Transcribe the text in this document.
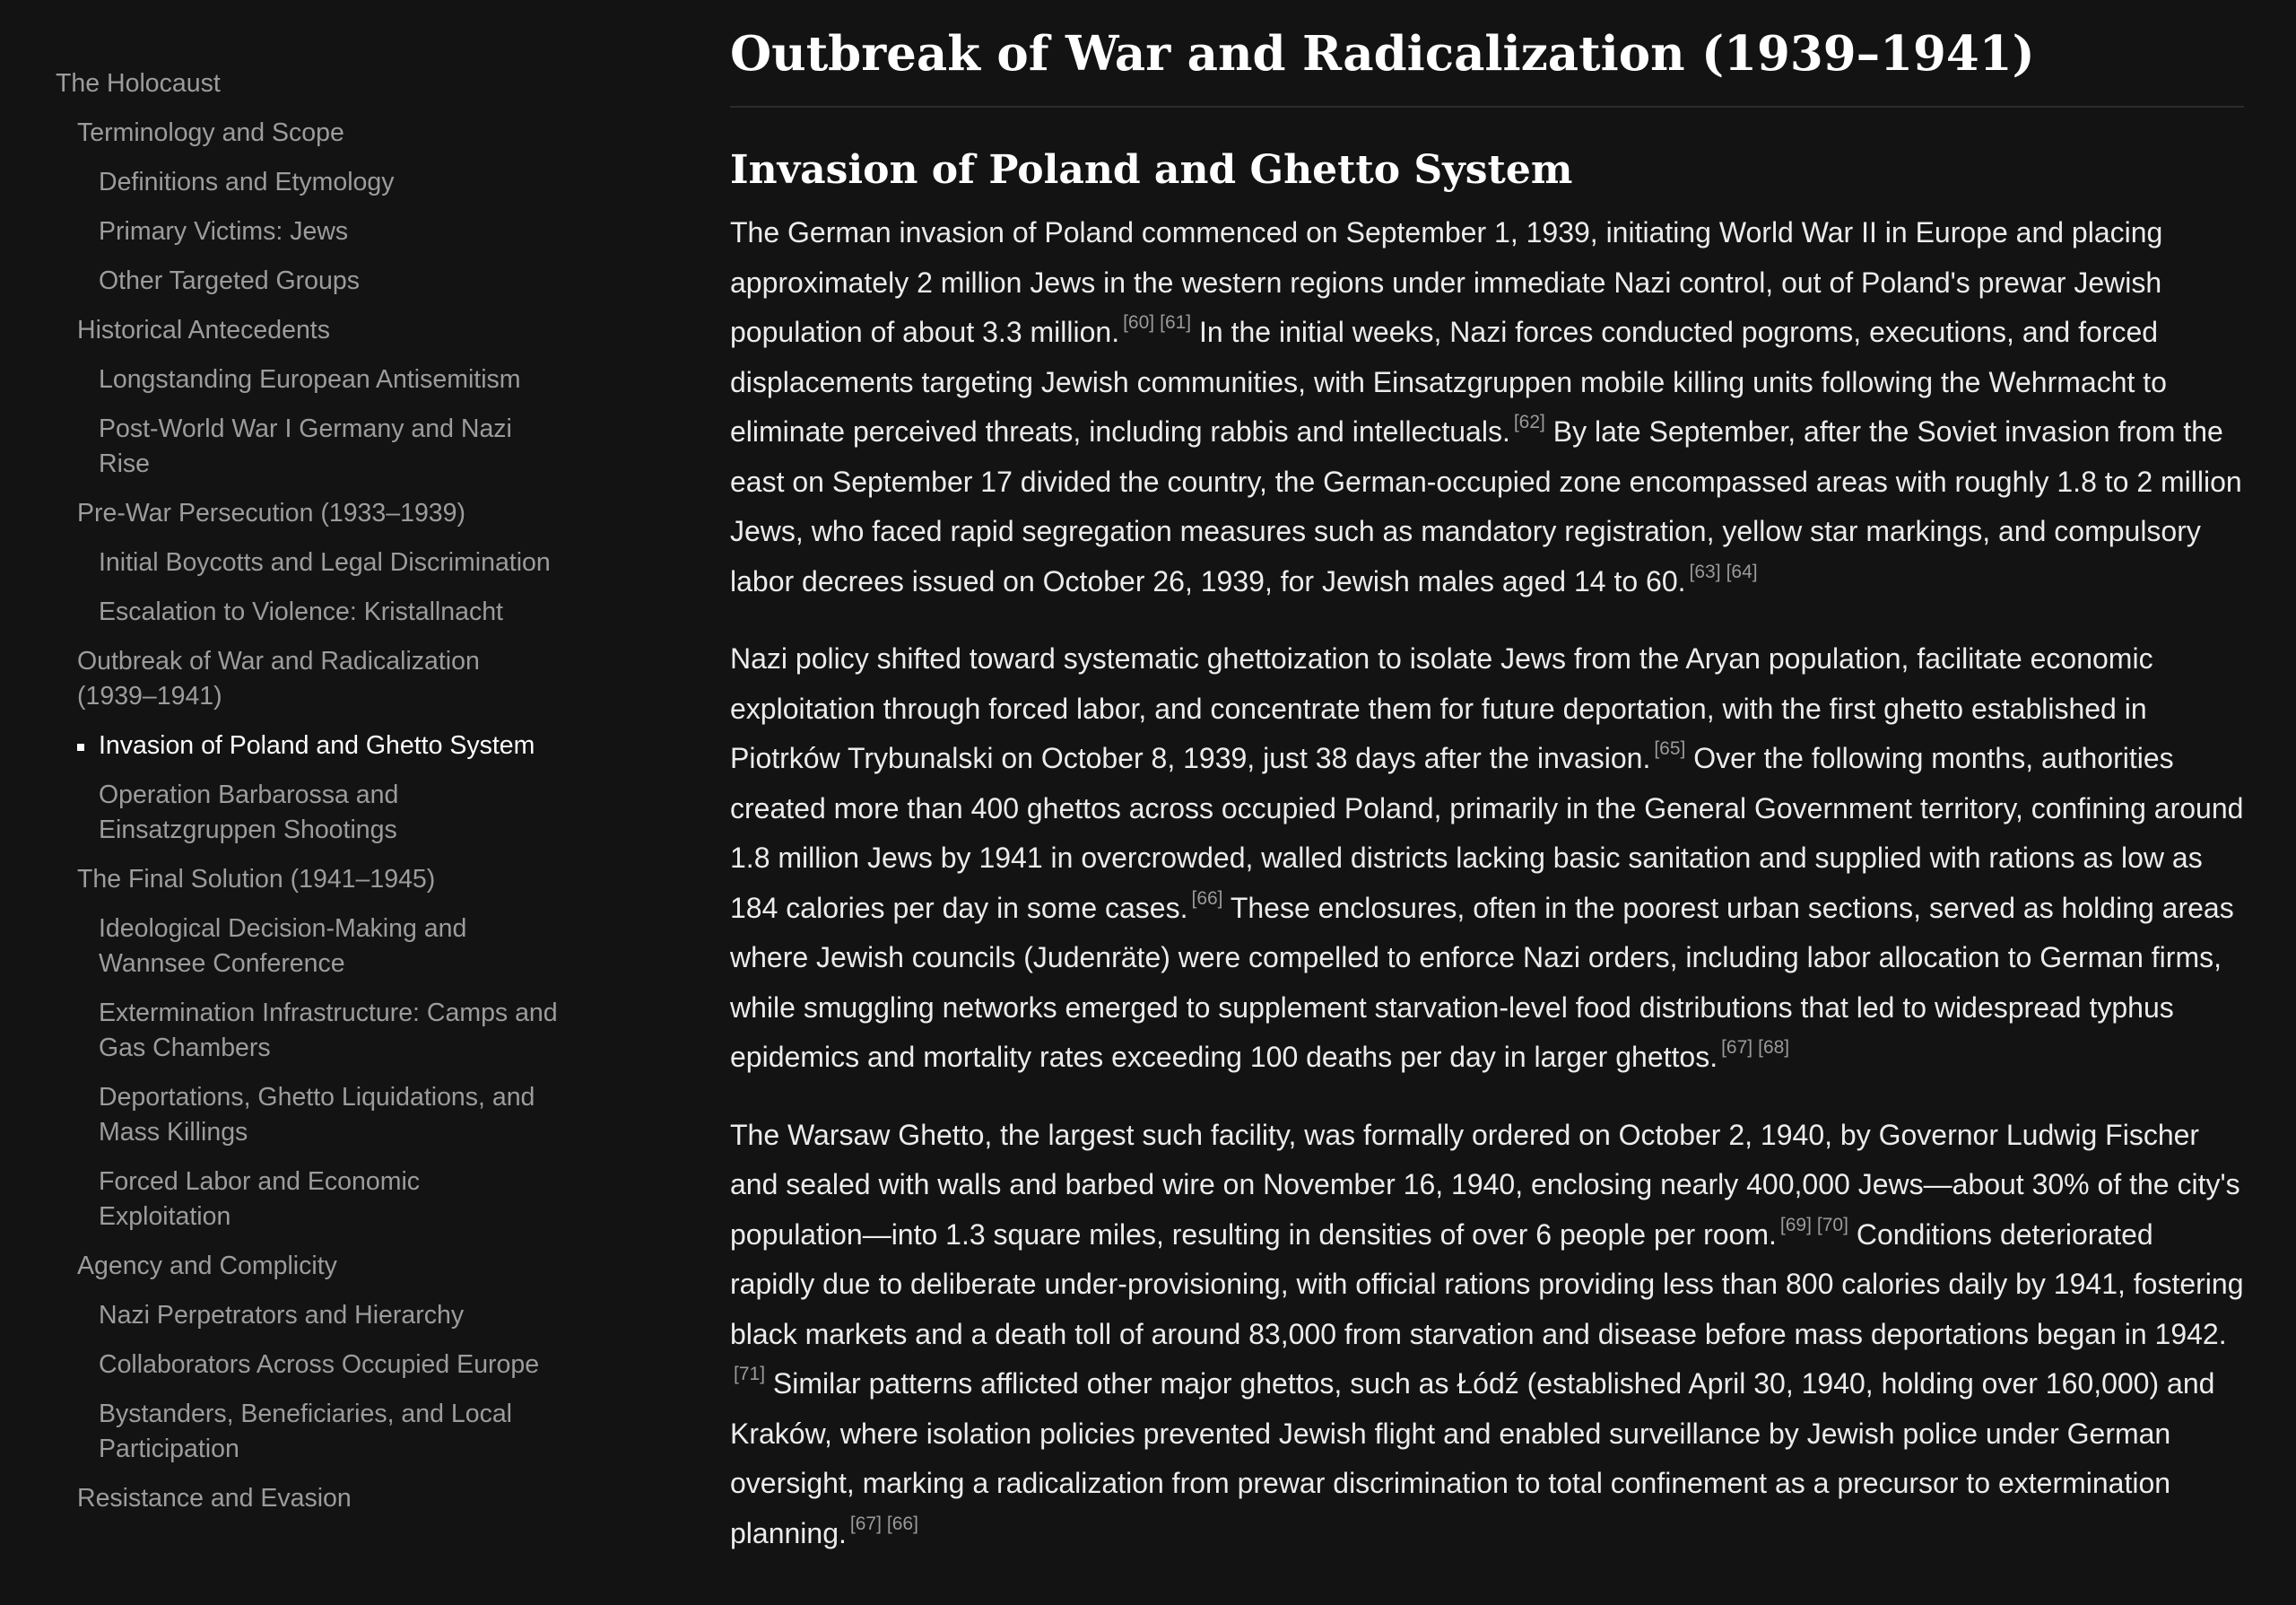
The Holocaust
Terminology and Scope
Definitions and Etymology
Primary Victims: Jews
Other Targeted Groups
Historical Antecedents
Longstanding European Antisemitism
Post-World War I Germany and Nazi Rise
Pre-War Persecution (1933–1939)
Initial Boycotts and Legal Discrimination
Escalation to Violence: Kristallnacht
Outbreak of War and Radicalization (1939–1941)
Invasion of Poland and Ghetto System
Operation Barbarossa and Einsatzgruppen Shootings
The Final Solution (1941–1945)
Ideological Decision-Making and Wannsee Conference
Extermination Infrastructure: Camps and Gas Chambers
Deportations, Ghetto Liquidations, and Mass Killings
Forced Labor and Economic Exploitation
Agency and Complicity
Nazi Perpetrators and Hierarchy
Collaborators Across Occupied Europe
Bystanders, Beneficiaries, and Local Participation
Resistance and Evasion
Outbreak of War and Radicalization (1939–1941)
Invasion of Poland and Ghetto System

The German invasion of Poland commenced on September 1, 1939, initiating World War II in Europe and placing approximately 2 million Jews in the western regions under immediate Nazi control, out of Poland's prewar Jewish population of about 3.3 million. [60] [61] In the initial weeks, Nazi forces conducted pogroms, executions, and forced displacements targeting Jewish communities, with Einsatzgruppen mobile killing units following the Wehrmacht to eliminate perceived threats, including rabbis and intellectuals. [62] By late September, after the Soviet invasion from the east on September 17 divided the country, the German-occupied zone encompassed areas with roughly 1.8 to 2 million Jews, who faced rapid segregation measures such as mandatory registration, yellow star markings, and compulsory labor decrees issued on October 26, 1939, for Jewish males aged 14 to 60. [63] [64]

Nazi policy shifted toward systematic ghettoization to isolate Jews from the Aryan population, facilitate economic exploitation through forced labor, and concentrate them for future deportation, with the first ghetto established in Piotrków Trybunalski on October 8, 1939, just 38 days after the invasion. [65] Over the following months, authorities created more than 400 ghettos across occupied Poland, primarily in the General Government territory, confining around 1.8 million Jews by 1941 in overcrowded, walled districts lacking basic sanitation and supplied with rations as low as 184 calories per day in some cases. [66] These enclosures, often in the poorest urban sections, served as holding areas where Jewish councils (Judenräte) were compelled to enforce Nazi orders, including labor allocation to German firms, while smuggling networks emerged to supplement starvation-level food distributions that led to widespread typhus epidemics and mortality rates exceeding 100 deaths per day in larger ghettos. [67] [68]

The Warsaw Ghetto, the largest such facility, was formally ordered on October 2, 1940, by Governor Ludwig Fischer and sealed with walls and barbed wire on November 16, 1940, enclosing nearly 400,000 Jews—about 30% of the city's population—into 1.3 square miles, resulting in densities of over 6 people per room. [69] [70] Conditions deteriorated rapidly due to deliberate under-provisioning, with official rations providing less than 800 calories daily by 1941, fostering black markets and a death toll of around 83,000 from starvation and disease before mass deportations began in 1942.[71] Similar patterns afflicted other major ghettos, such as Łódź (established April 30, 1940, holding over 160,000) and Kraków, where isolation policies prevented Jewish flight and enabled surveillance by Jewish police under German oversight, marking a radicalization from prewar discrimination to total confinement as a precursor to extermination planning. [67] [66]
